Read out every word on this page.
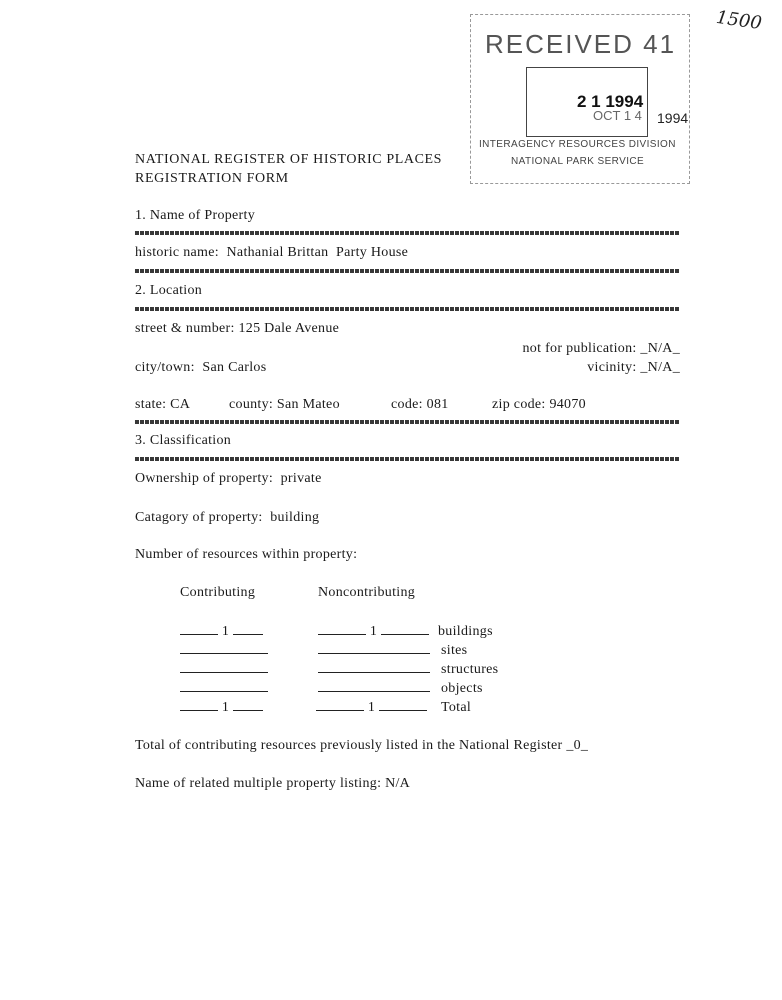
1500
RECEIVED 41
OCT 1 4
2 1 1994
1994
INTERAGENCY RESOURCES DIVISION
NATIONAL PARK SERVICE
NATIONAL REGISTER OF HISTORIC PLACES
REGISTRATION FORM
1. Name of Property
historic name: Nathanial Brittan  Party House
2. Location
street & number: 125 Dale Avenue
not for publication: _N/A_
city/town: San Carlos	vicinity: _N/A_
state: CA	county: San Mateo	code: 081	zip code: 94070
3. Classification
Ownership of property: private
Catagory of property: building
Number of resources within property:
Contributing	Noncontributing
1	1	buildings
sites
structures
objects
1	1	Total
Total of contributing resources previously listed in the National Register _0_
Name of related multiple property listing: N/A
